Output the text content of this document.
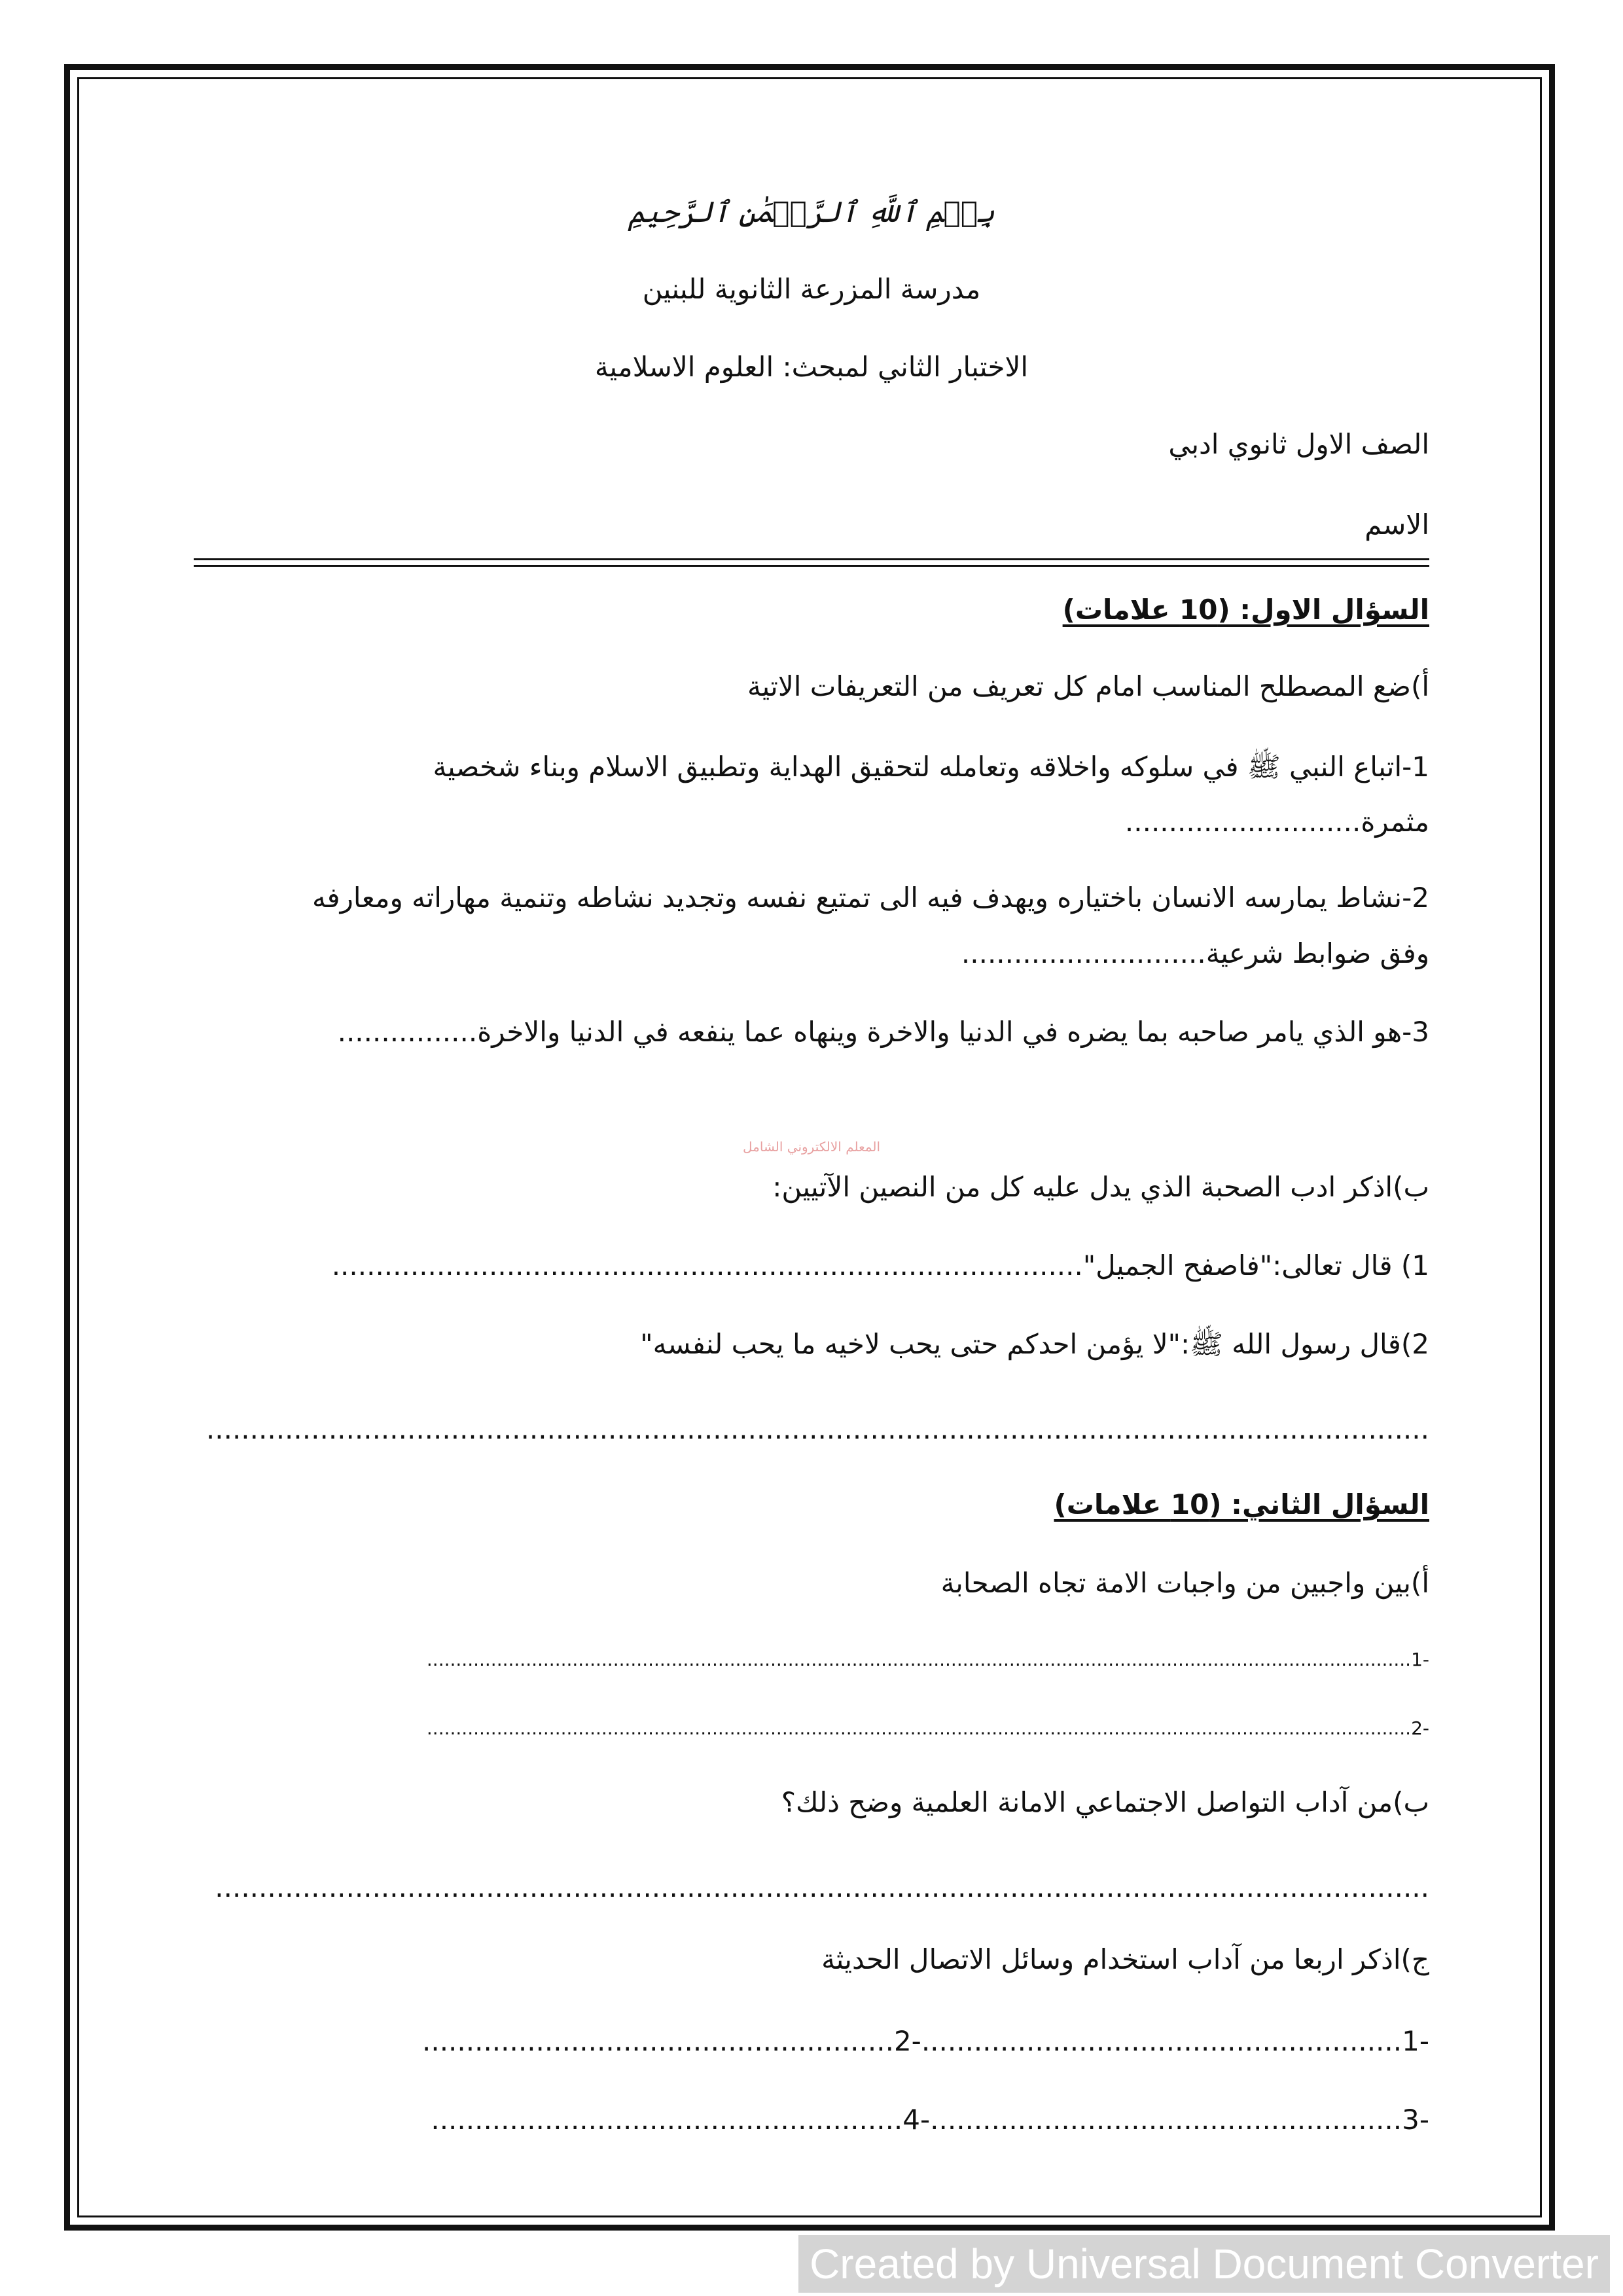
بِسۡمِ ٱللَّهِ ٱلرَّحۡمَٰنِ ٱلرَّحِيمِ
مدرسة المزرعة الثانوية للبنين
الاختبار الثاني لمبحث: العلوم الاسلامية
الصف الاول ثانوي ادبي
الاسم
السؤال الاول: (10 علامات)
أ)ضع المصطلح المناسب امام كل تعريف من التعريفات الاتية
1-اتباع النبي ﷺ في سلوكه واخلاقه وتعامله لتحقيق الهداية وتطبيق الاسلام وبناء شخصية
مثمرة...........................
2-نشاط يمارسه الانسان باختياره ويهدف فيه الى تمتيع نفسه وتجديد نشاطه وتنمية مهاراته ومعارفه
وفق ضوابط شرعية............................
3-هو الذي يامر صاحبه بما يضره في الدنيا والاخرة وينهاه عما ينفعه في الدنيا والاخرة................
المعلم الالكتروني الشامل
ب)اذكر ادب الصحبة الذي يدل عليه كل من النصين الآتيين:
1) قال تعالى:"فاصفح الجميل"......................................................................................
2)قال رسول الله ﷺ:"لا يؤمن احدكم حتى يحب لاخيه ما يحب لنفسه"
............................................................................................................................................
السؤال الثاني: (10 علامات)
أ)بين واجبين من واجبات الامة تجاه الصحابة
-1.........................................................................................................................................................................
-2.........................................................................................................................................................................
ب)من آداب التواصل الاجتماعي الامانة العلمية وضح ذلك؟
...........................................................................................................................................
ج)اذكر اربعا من آداب استخدام وسائل الاتصال الحديثة
-1.......................................................-2......................................................
-3......................................................-4......................................................
Created by Universal Document Converter
